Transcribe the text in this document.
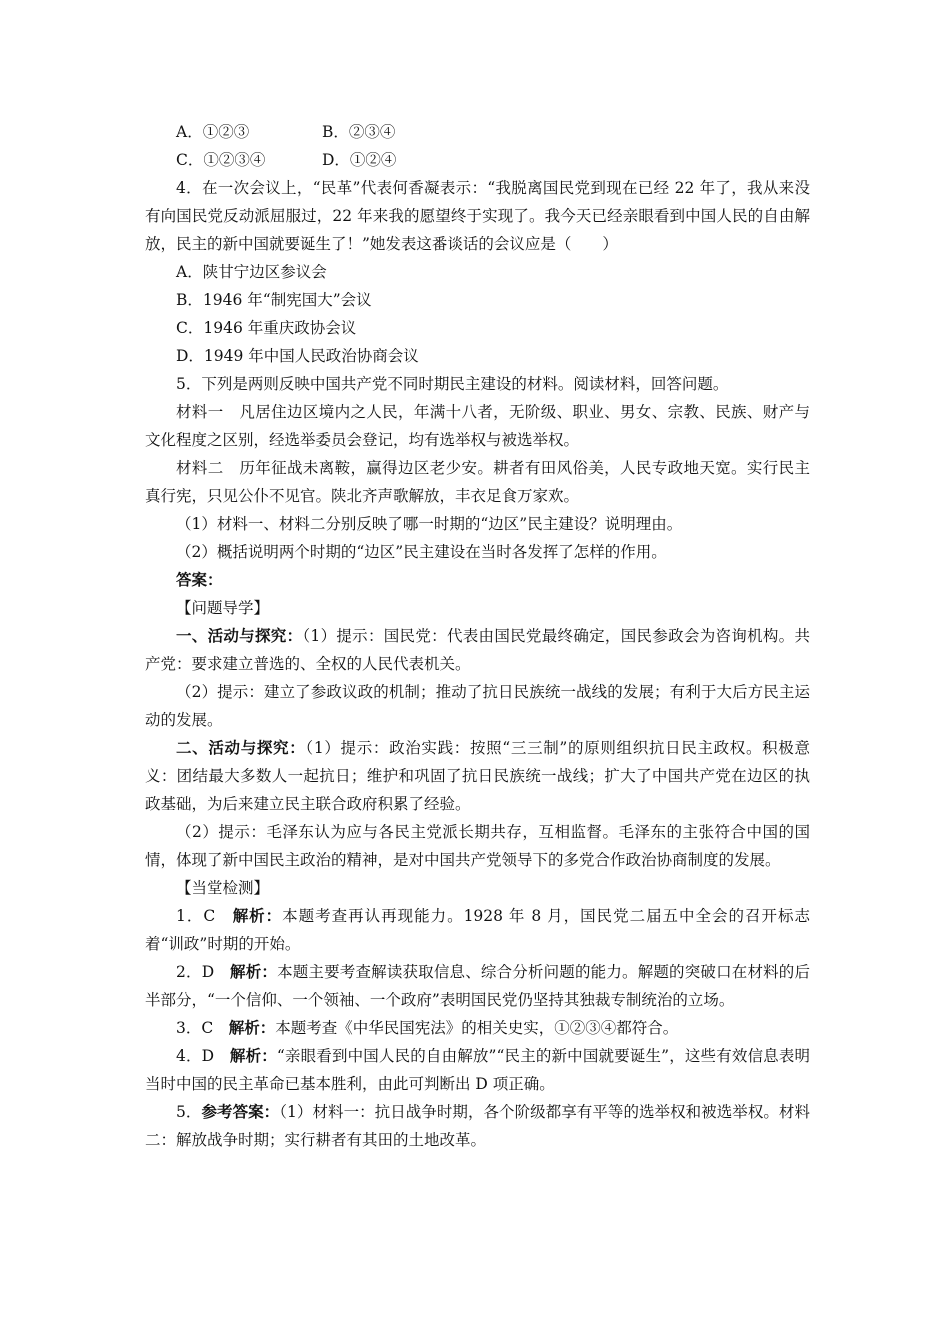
A．①②③	B．②③④
C．①②③④	D．①②④

4．在一次会议上，“民革”代表何香凝表示：“我脱离国民党到现在已经 22 年了，我从来没有向国民党反动派屈服过，22 年来我的愿望终于实现了。我今天已经亲眼看到中国人民的自由解放，民主的新中国就要诞生了！”她发表这番谈话的会议应是（　　）

A．陕甘宁边区参议会

B．1946 年“制宪国大”会议

C．1946 年重庆政协会议

D．1949 年中国人民政治协商会议

5．下列是两则反映中国共产党不同时期民主建设的材料。阅读材料，回答问题。

材料一　凡居住边区境内之人民，年满十八者，无阶级、职业、男女、宗教、民族、财产与文化程度之区别，经选举委员会登记，均有选举权与被选举权。

材料二　历年征战未离鞍，赢得边区老少安。耕者有田风俗美，人民专政地天宽。实行民主真行宪，只见公仆不见官。陕北齐声歌解放，丰衣足食万家欢。

（1）材料一、材料二分别反映了哪一时期的“边区”民主建设？说明理由。

（2）概括说明两个时期的“边区”民主建设在当时各发挥了怎样的作用。

答案：

【问题导学】

一、活动与探究：（1）提示：国民党：代表由国民党最终确定，国民参政会为咨询机构。共产党：要求建立普选的、全权的人民代表机关。

（2）提示：建立了参政议政的机制；推动了抗日民族统一战线的发展；有利于大后方民主运动的发展。

二、活动与探究：（1）提示：政治实践：按照“三三制”的原则组织抗日民主政权。积极意义：团结最大多数人一起抗日；维护和巩固了抗日民族统一战线；扩大了中国共产党在边区的执政基础，为后来建立民主联合政府积累了经验。

（2）提示：毛泽东认为应与各民主党派长期共存，互相监督。毛泽东的主张符合中国的国情，体现了新中国民主政治的精神，是对中国共产党领导下的多党合作政治协商制度的发展。

【当堂检测】

1．C　解析：本题考查再认再现能力。1928 年 8 月，国民党二届五中全会的召开标志着“训政”时期的开始。

2．D　解析：本题主要考查解读获取信息、综合分析问题的能力。解题的突破口在材料的后半部分，“一个信仰、一个领袖、一个政府”表明国民党仍坚持其独裁专制统治的立场。

3．C　解析：本题考查《中华民国宪法》的相关史实，①②③④都符合。

4．D　解析：“亲眼看到中国人民的自由解放”“民主的新中国就要诞生”，这些有效信息表明当时中国的民主革命已基本胜利，由此可判断出 D 项正确。

5．参考答案：（1）材料一：抗日战争时期，各个阶级都享有平等的选举权和被选举权。材料二：解放战争时期；实行耕者有其田的土地改革。
